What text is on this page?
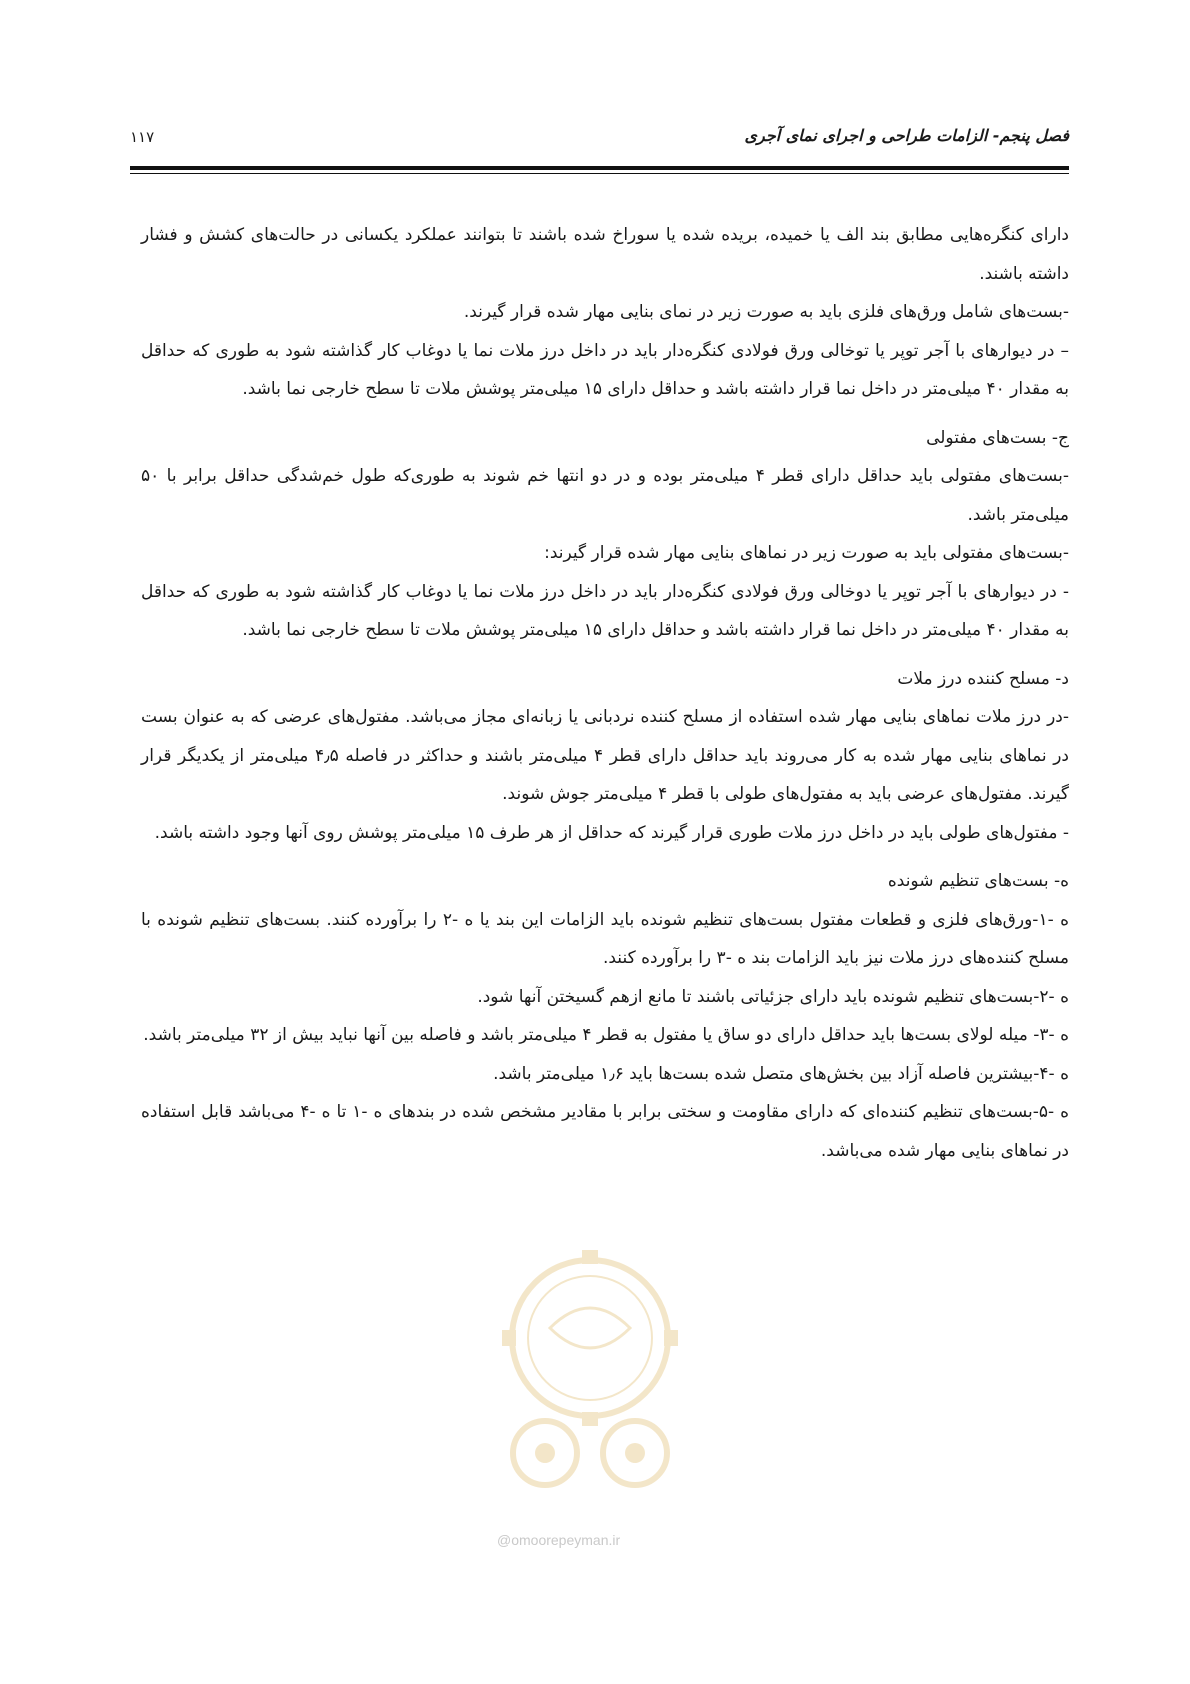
فصل پنجم- الزامات طراحی و اجرای نمای آجری
۱۱۷

دارای کنگره‌هایی مطابق بند الف یا خمیده، بریده شده یا سوراخ شده باشند تا بتوانند عملکرد یکسانی در حالت‌های کشش و فشار داشته باشند.

-بست‌های شامل ورق‌های فلزی باید به صورت زیر در نمای بنایی مهار شده قرار گیرند.

– در دیوارهای با آجر توپر یا توخالی ورق فولادی کنگره‌دار باید در داخل درز ملات نما یا دوغاب کار گذاشته شود به طوری که حداقل به مقدار ۴۰ میلی‌متر در داخل نما قرار داشته باشد و حداقل دارای ۱۵ میلی‌متر پوشش ملات تا سطح خارجی نما باشد.

ج- بست‌های مفتولی

-بست‌های مفتولی باید حداقل دارای قطر ۴ میلی‌متر بوده و در دو انتها خم شوند به طوری‌که طول خم‌شدگی حداقل برابر با ۵۰ میلی‌متر باشد.

-بست‌های مفتولی باید به صورت زیر در نماهای بنایی مهار شده قرار گیرند:

- در دیوارهای با آجر توپر یا دوخالی ورق فولادی کنگره‌دار باید در داخل درز ملات نما یا دوغاب کار گذاشته شود به طوری که حداقل به مقدار ۴۰ میلی‌متر در داخل نما قرار داشته باشد و حداقل دارای ۱۵ میلی‌متر پوشش ملات تا سطح خارجی نما باشد.

د- مسلح کننده درز ملات

-در درز ملات نماهای بنایی مهار شده استفاده از مسلح کننده نردبانی یا زبانه‌ای مجاز می‌باشد. مفتول‌های عرضی که به عنوان بست در نماهای بنایی مهار شده به کار می‌روند باید حداقل دارای قطر ۴ میلی‌متر باشند و حداکثر در فاصله ۴٫۵ میلی‌متر از یکدیگر قرار گیرند. مفتول‌های عرضی باید به مفتول‌های طولی با قطر ۴ میلی‌متر جوش شوند.

- مفتول‌های طولی باید در داخل درز ملات طوری قرار گیرند که حداقل از هر طرف ۱۵ میلی‌متر پوشش روی آنها وجود داشته باشد.

ه- بست‌های تنظیم شونده

ه -۱-ورق‌های فلزی و قطعات مفتول بست‌های تنظیم شونده باید الزامات این بند یا ه -۲ را برآورده کنند. بست‌های تنظیم شونده با مسلح کننده‌های درز ملات نیز باید الزامات بند ه -۳ را برآورده کنند.

ه -۲-بست‌های تنظیم شونده باید دارای جزئیاتی باشند تا مانع ازهم گسیختن آنها شود.

ه -۳- میله لولای بست‌ها باید حداقل دارای دو ساق یا مفتول به قطر ۴ میلی‌متر باشد و فاصله بین آنها نباید بیش از ۳۲ میلی‌متر باشد.

ه -۴-بیشترین فاصله آزاد بین بخش‌های متصل شده بست‌ها باید ۱٫۶ میلی‌متر باشد.

ه -۵-بست‌های تنظیم کننده‌ای که دارای مقاومت و سختی برابر با مقادیر مشخص شده در بندهای ه -۱ تا ه -۴ می‌باشد قابل استفاده در نماهای بنایی مهار شده می‌باشد.

@omoorepeyman.ir
